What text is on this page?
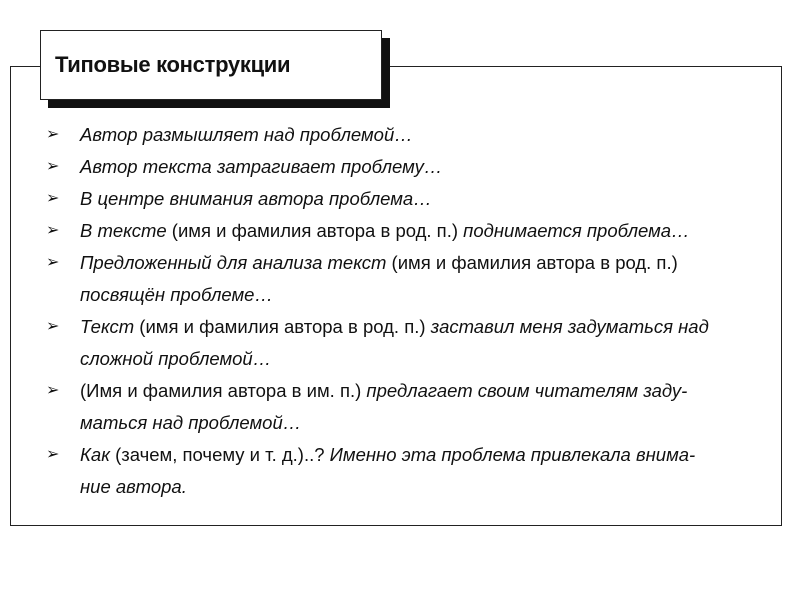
Типовые конструкции
➢ Автор размышляет над проблемой…
➢ Автор текста затрагивает проблему…
➢ В центре внимания автора проблема…
➢ В тексте (имя и фамилия автора в род. п.) поднимается проблема…
➢ Предложенный для анализа текст (имя и фамилия автора в род. п.)
посвящён проблеме…
➢ Текст (имя и фамилия автора в род. п.) заставил меня задуматься над
сложной проблемой…
➢ (Имя и фамилия автора в им. п.) предлагает своим читателям заду-
маться над проблемой…
➢ Как (зачем, почему и т. д.)..? Именно эта проблема привлекала внима-
ние автора.
